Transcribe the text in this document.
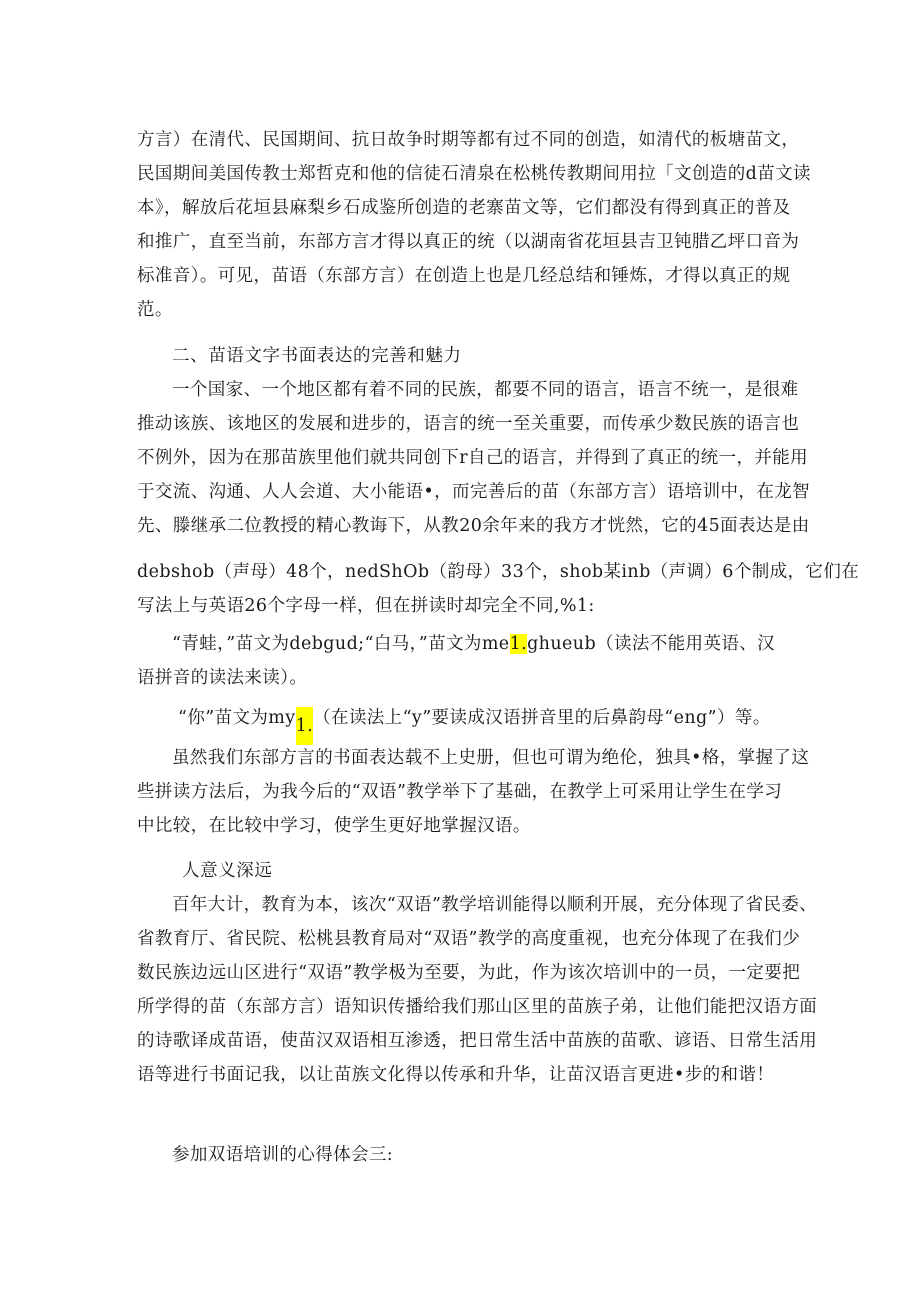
方言）在清代、民国期间、抗日故争时期等都有过不同的创造，如清代的板塘苗文，
民国期间美国传教士郑哲克和他的信徒石清泉在松桃传教期间用拉「文创造的d苗文读
本》，解放后花垣县麻梨乡石成鉴所创造的老寨苗文等，它们都没有得到真正的普及
和推广，直至当前，东部方言才得以真正的统（以湖南省花垣县吉卫钝腊乙坪口音为
标准音）。可见，苗语（东部方言）在创造上也是几经总结和锤炼，才得以真正的规
范。
二、苗语文字书面表达的完善和魅力
一个国家、一个地区都有着不同的民族，都要不同的语言，语言不统一，是很难
推动该族、该地区的发展和进步的，语言的统一至关重要，而传承少数民族的语言也
不例外，因为在那苗族里他们就共同创下r自己的语言，并得到了真正的统一，并能用
于交流、沟通、人人会道、大小能语•，而完善后的苗（东部方言）语培训中，在龙智
先、滕继承二位教授的精心教诲下，从教20余年来的我方才恍然，它的45面表达是由
debshob（声母）48个，nedShOb（韵母）33个，shob某inb（声调）6个制成，它们在
写法上与英语26个字母一样，但在拼读时却完全不同,%1:
“青蛙，”苗文为debgud;“白马，”苗文为me1.ghueub（读法不能用英语、汉
语拼音的读法来读）。
“你”苗文为my1.（在读法上“y”要读成汉语拼音里的后鼻韵母“eng”）等。
虽然我们东部方言的书面表达载不上史册，但也可谓为绝伦，独具•格，掌握了这
些拼读方法后，为我今后的“双语”教学举下了基础，在教学上可采用让学生在学习
中比较，在比较中学习，使学生更好地掌握汉语。
人意义深远
百年大计，教育为本，该次“双语”教学培训能得以顺利开展，充分体现了省民委、
省教育厅、省民院、松桃县教育局对“双语”教学的高度重视，也充分体现了在我们少
数民族边远山区进行“双语”教学极为至要，为此，作为该次培训中的一员，一定要把
所学得的苗（东部方言）语知识传播给我们那山区里的苗族子弟，让他们能把汉语方面
的诗歌译成苗语，使苗汉双语相互渗透，把日常生活中苗族的苗歌、谚语、日常生活用
语等进行书面记我，以让苗族文化得以传承和升华，让苗汉语言更进•步的和谐！
参加双语培训的心得体会三:
